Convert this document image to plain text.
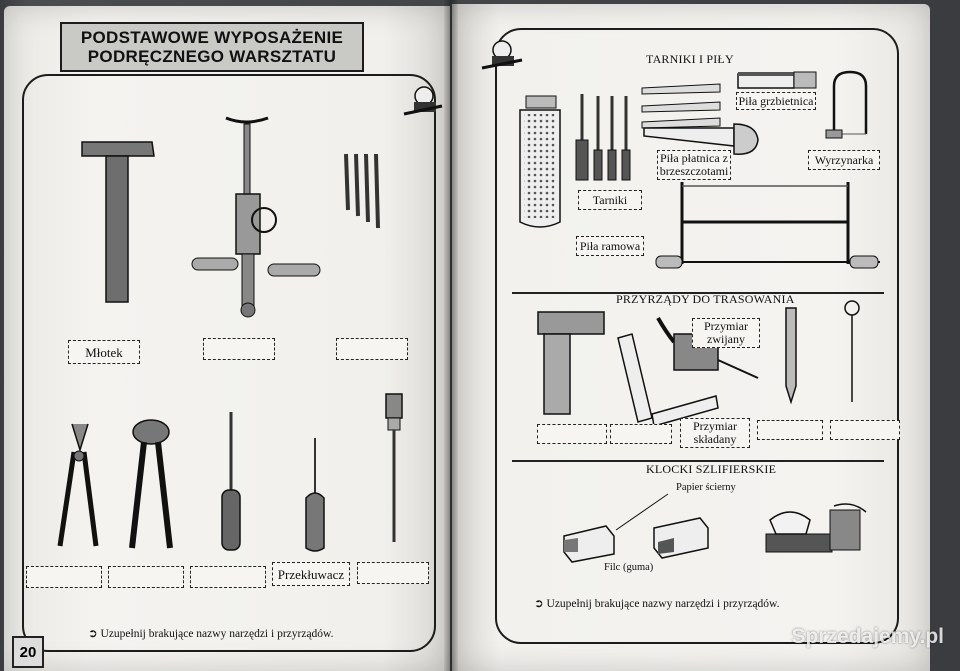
PODSTAWOWE WYPOSAŻENIE
PODRĘCZNEGO WARSZTATU
Młotek
Przekłuwacz
➲ Uzupełnij brakujące nazwy narzędzi i przyrządów.
20
TARNIKI I PIŁY
Piła grzbietnica
Piła płatnica z brzeszczotami
Wyrzynarka
Tarniki
Piła ramowa
PRZYRZĄDY DO TRASOWANIA
Przymiar zwijany
Przymiar składany
KLOCKI SZLIFIERSKIE
Papier ścierny
Filc (guma)
➲ Uzupełnij brakujące nazwy narzędzi i przyrządów.
Sprzedajemy.pl
